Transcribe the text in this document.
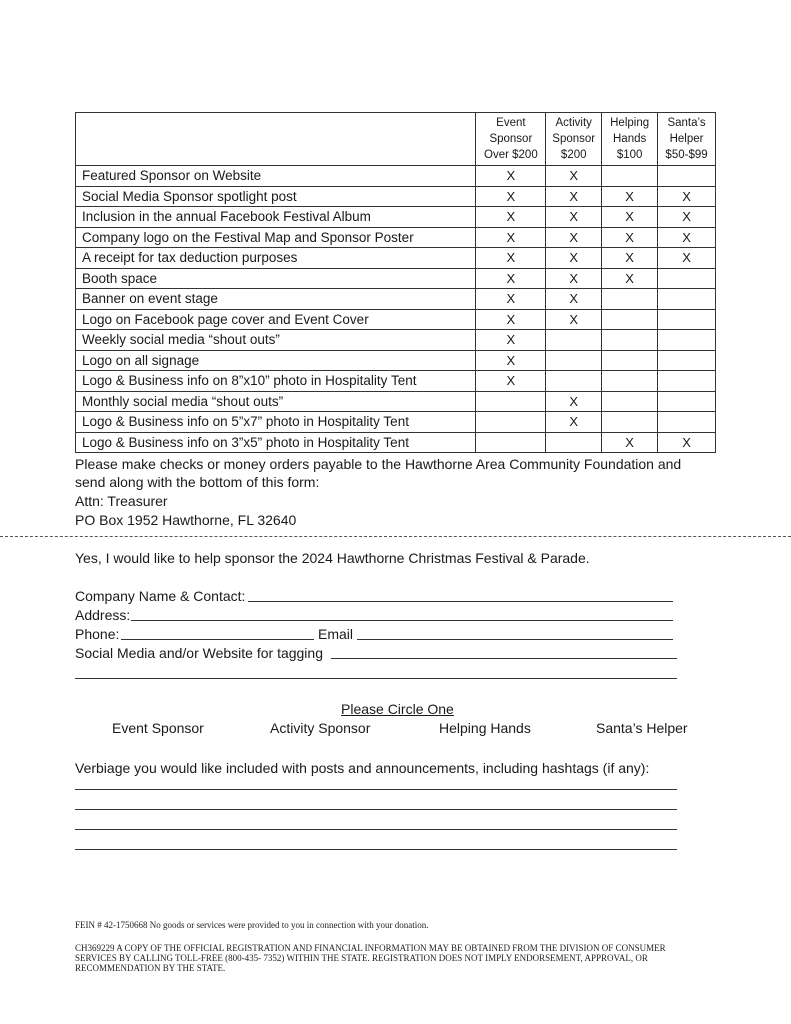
	Event Sponsor Over $200	Activity Sponsor $200	Helping Hands $100	Santa’s Helper $50-$99
Featured Sponsor on Website	X	X		
Social Media Sponsor spotlight post	X	X	X	X
Inclusion in the annual Facebook Festival Album	X	X	X	X
Company logo on the Festival Map and Sponsor Poster	X	X	X	X
A receipt for tax deduction purposes	X	X	X	X
Booth space	X	X	X	
Banner on event stage	X	X		
Logo on Facebook page cover and Event Cover	X	X		
Weekly social media “shout outs”	X			
Logo on all signage	X			
Logo & Business info on 8”x10” photo in Hospitality Tent	X			
Monthly social media “shout outs”		X		
Logo & Business info on 5”x7” photo in Hospitality Tent		X		
Logo & Business info on 3”x5” photo in Hospitality Tent			X	X
Please make checks or money orders payable to the Hawthorne Area Community Foundation and
send along with the bottom of this form:
Attn: Treasurer
PO Box 1952 Hawthorne, FL 32640
Yes, I would like to help sponsor the 2024 Hawthorne Christmas Festival & Parade.
Company Name & Contact:
Address:
Phone:	Email
Social Media and/or Website for tagging
Please Circle One
Event Sponsor	Activity Sponsor	Helping Hands	Santa’s Helper
Verbiage you would like included with posts and announcements, including hashtags (if any):
FEIN # 42-1750668 No goods or services were provided to you in connection with your donation.
CH369229 A COPY OF THE OFFICIAL REGISTRATION AND FINANCIAL INFORMATION MAY BE OBTAINED FROM THE DIVISION OF CONSUMER SERVICES BY CALLING TOLL-FREE (800-435- 7352) WITHIN THE STATE. REGISTRATION DOES NOT IMPLY ENDORSEMENT, APPROVAL, OR RECOMMENDATION BY THE STATE.
